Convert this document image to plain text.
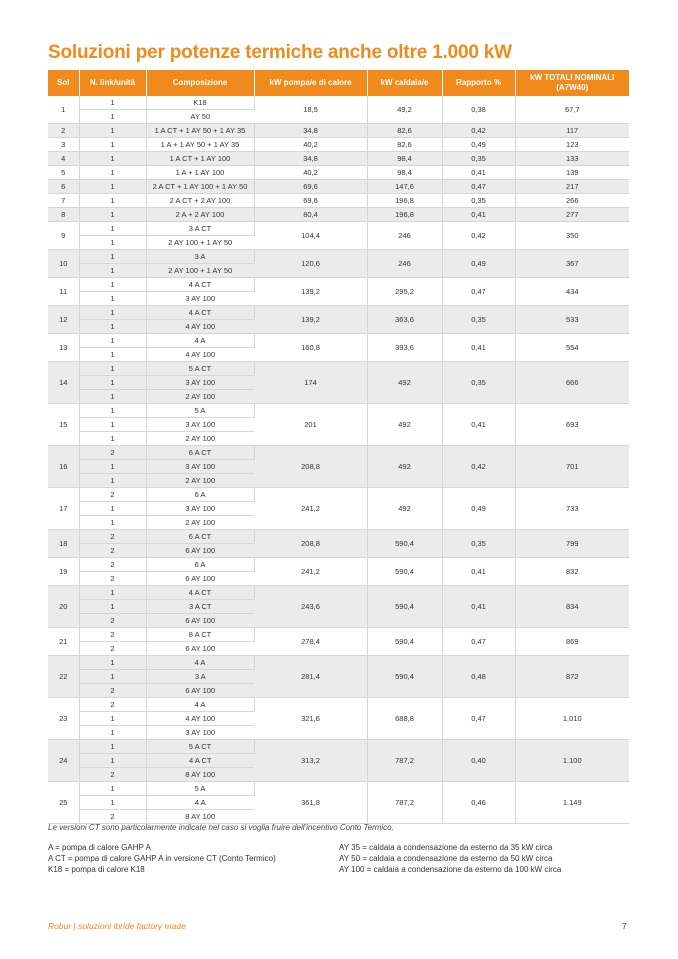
Soluzioni per potenze termiche anche oltre 1.000 kW
Sol	N. link/unità	Composizione	kW pompa/e di calore	kW caldaia/e	Rapporto %	kW TOTALI NOMINALI (A7W40)
1	1	K18	18,5	49,2	0,38	67,7
	1	AY 50				
2	1	1 A CT + 1 AY 50 + 1 AY 35	34,8	82,6	0,42	117
3	1	1 A + 1 AY 50 + 1 AY 35	40,2	82,6	0,49	123
4	1	1 A CT + 1 AY 100	34,8	98,4	0,35	133
5	1	1 A + 1 AY 100	40,2	98,4	0,41	139
6	1	2 A CT + 1 AY 100 + 1 AY 50	69,6	147,6	0,47	217
7	1	2 A CT + 2 AY 100	69,6	196,8	0,35	266
8	1	2 A + 2 AY 100	80,4	196,8	0,41	277
9	1	3 A CT	104,4	246	0,42	350
	1	2 AY 100 + 1 AY 50				
10	1	3 A	120,6	246	0,49	367
	1	2 AY 100 + 1 AY 50				
11	1	4 A CT	139,2	295,2	0,47	434
	1	3 AY 100				
12	1	4 A CT	139,2	363,6	0,35	533
	1	4 AY 100				
13	1	4 A	160,8	393,6	0,41	554
	1	4 AY 100				
14	1	5 A CT	174	492	0,35	666
	1	3 AY 100				
	1	2 AY 100				
15	1	5 A	201	492	0,41	693
	1	3 AY 100				
	1	2 AY 100				
16	2	6 A CT	208,8	492	0,42	701
	1	3 AY 100				
	1	2 AY 100				
17	2	6 A	241,2	492	0,49	733
	1	3 AY 100				
	1	2 AY 100				
18	2	6 A CT	208,8	590,4	0,35	799
	2	6 AY 100				
19	2	6 A	241,2	590,4	0,41	832
	2	6 AY 100				
20	1	4 A CT	243,6	590,4	0,41	834
	1	3 A CT				
	2	6 AY 100				
21	2	8 A CT	278,4	590,4	0,47	869
	2	6 AY 100				
22	1	4 A	281,4	590,4	0,48	872
	1	3 A				
	2	6 AY 100				
23	2	4 A	321,6	688,8	0,47	1.010
	1	4 AY 100				
	1	3 AY 100				
24	1	5 A CT	313,2	787,2	0,40	1.100
	1	4 A CT				
	2	8 AY 100				
25	1	5 A	361,8	787,2	0,46	1.149
	1	4 A				
	2	8 AY 100				
Le versioni CT sono particolarmente indicate nel caso si voglia fruire dell'incentivo Conto Termico.
A = pompa di calore GAHP A
A CT = pompa di calore GAHP A in versione CT (Conto Termico)
K18 = pompa di calore K18
AY 35 = caldaia a condensazione da esterno da 35 kW circa
AY 50 = caldaia a condensazione da esterno da 50 kW circa
AY 100 = caldaia a condensazione da esterno da 100 kW circa
Robur | soluzioni ibride factory made	7
